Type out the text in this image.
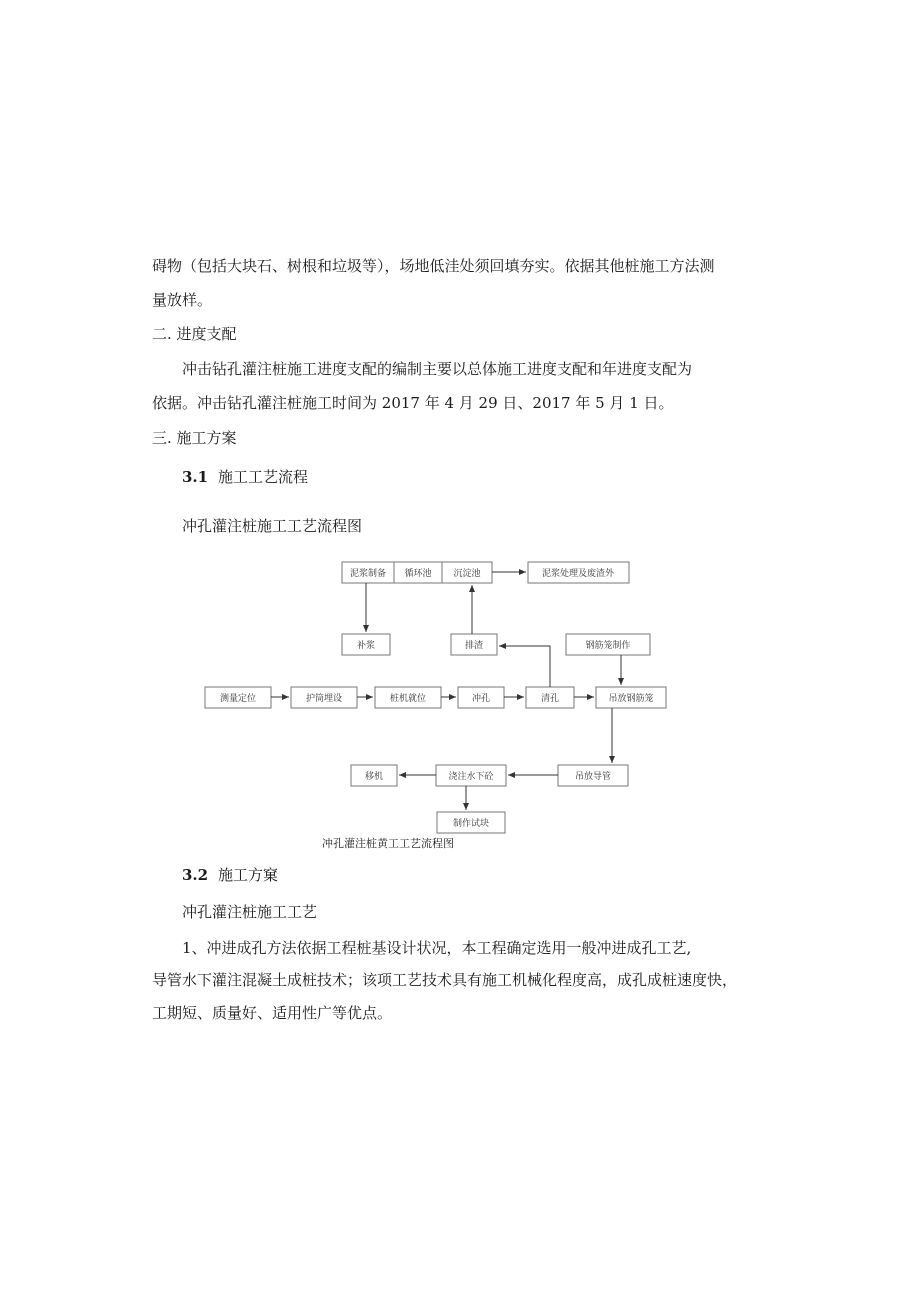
碍物（包括大块石、树根和垃圾等），场地低洼处须回填夯实。依据其他桩施工方法测
量放样。
二. 进度支配
冲击钻孔灌注桩施工进度支配的编制主要以总体施工进度支配和年进度支配为
依据。冲击钻孔灌注桩施工时间为 2017 年 4 月 29 日、2017 年 5 月 1 日。
三. 施工方案
3.1 施工工艺流程
冲孔灌注桩施工工艺流程图
泥浆制备 循环池 沉淀池	泥浆处理及废渣外
补浆	排渣	钢筋笼制作
测量定位	护筒埋设	桩机就位	冲孔	清孔	吊放钢筋笼
移机	浇注水下砼	吊放导管
制作试块
冲孔灌注桩黄工工艺流程图
3.2 施工方窠
冲孔灌注桩施工工艺
1、冲进成孔方法依据工程桩基设计状况，本工程确定选用一般冲进成孔工艺,
导管水下灌注混凝土成桩技术；该项工艺技术具有施工机械化程度高，成孔成桩速度快，
工期短、质量好、适用性广等优点。
